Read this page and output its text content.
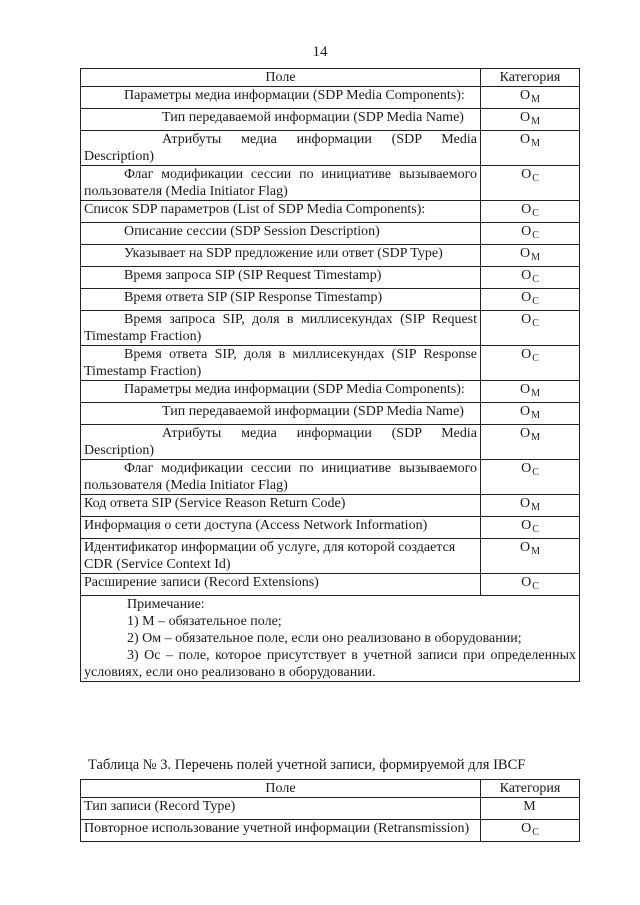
14
Поле	Категория
Параметры медиа информации (SDP Media Components):	$O_M$
Тип передаваемой информации (SDP Media Name)	$O_M$
Атрибуты медиа информации (SDP Media Description)	$O_M$
Флаг модификации сессии по инициативе вызываемого пользователя (Media Initiator Flag)	$O_C$
Список SDP параметров (List of SDP Media Components):	$O_C$
Описание сессии (SDP Session Description)	$O_C$
Указывает на SDP предложение или ответ (SDP Type)	$O_M$
Время запроса SIP (SIP Request Timestamp)	$O_C$
Время ответа SIP (SIP Response Timestamp)	$O_C$
Время запроса SIP, доля в миллисекундах (SIP Request Timestamp Fraction)	$O_C$
Время ответа SIP, доля в миллисекундах (SIP Response Timestamp Fraction)	$O_C$
Параметры медиа информации (SDP Media Components):	$O_M$
Тип передаваемой информации (SDP Media Name)	$O_M$
Атрибуты медиа информации (SDP Media Description)	$O_M$
Флаг модификации сессии по инициативе вызываемого пользователя (Media Initiator Flag)	$O_C$
Код ответа SIP (Service Reason Return Code)	$O_M$
Информация о сети доступа (Access Network Information)	$O_C$
Идентификатор информации об услуге, для которой создается CDR (Service Context Id)	$O_M$
Расширение записи (Record Extensions)	$O_C$

Примечание:
1) М – обязательное поле;
2) Ом – обязательное поле, если оно реализовано в оборудовании;
3) Ос – поле, которое присутствует в учетной записи при определенных условиях, если оно реализовано в оборудовании.	
Таблица № 3. Перечень полей учетной записи, формируемой для IBCF
Поле	Категория
Тип записи (Record Type)	M
Повторное использование учетной информации (Retransmission)	$O_C$
